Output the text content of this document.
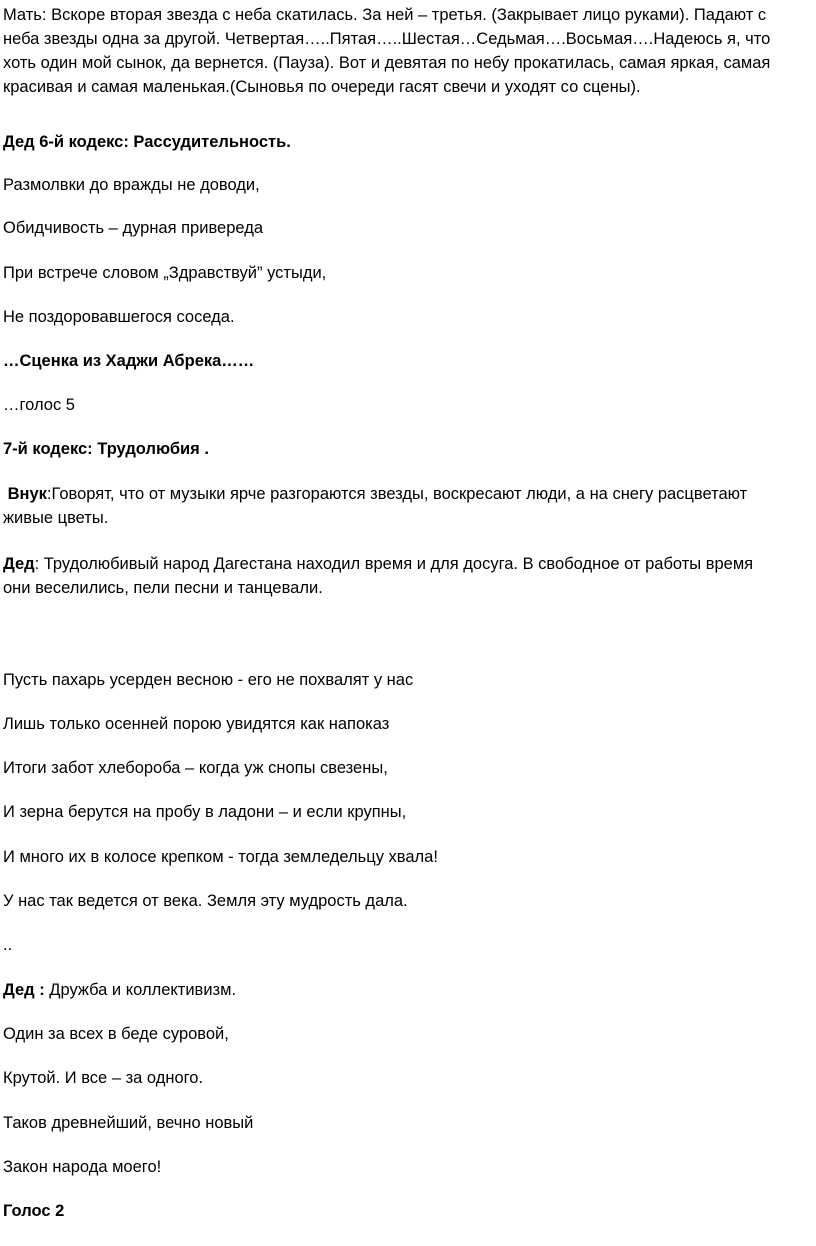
Мать: Вскоре вторая звезда с неба скатилась. За ней – третья. (Закрывает лицо руками). Падают с

неба звезды одна за другой. Четвертая…..Пятая…..Шестая…Седьмая….Восьмая….Надеюсь я, что

хоть один мой сынок, да вернется. (Пауза). Вот и девятая по небу прокатилась, самая яркая, самая

красивая и самая маленькая.(Сыновья по очереди гасят свечи и уходят со сцены).

Дед 6-й кодекс: Рассудительность.

Размолвки до вражды не доводи,

Обидчивость – дурная привереда

При встрече словом „Здравствуй” устыди,

Не поздоровавшегося соседа.

…Сценка из Хаджи Абрека……

…голос 5

7-й кодекс: Трудолюбия .

Внук:Говорят, что от музыки ярче разгораются звезды, воскресают люди, а на снегу расцветают

живые цветы.

Дед: Трудолюбивый народ Дагестана находил время и для досуга. В свободное от работы время

они веселились, пели песни и танцевали.

Пусть пахарь усерден весною - его не похвалят у нас

Лишь только осенней порою увидятся как напоказ

Итоги забот хлебороба – когда уж снопы свезены,

И зерна берутся на пробу в ладони – и если крупны,

И много их в колосе крепком - тогда земледельцу хвала!

У нас так ведется от века. Земля эту мудрость дала.

..

Дед : Дружба и коллективизм.

Один за всех в беде суровой,

Крутой. И все – за одного.

Таков древнейший, вечно новый

Закон народа моего!

Голос 2
